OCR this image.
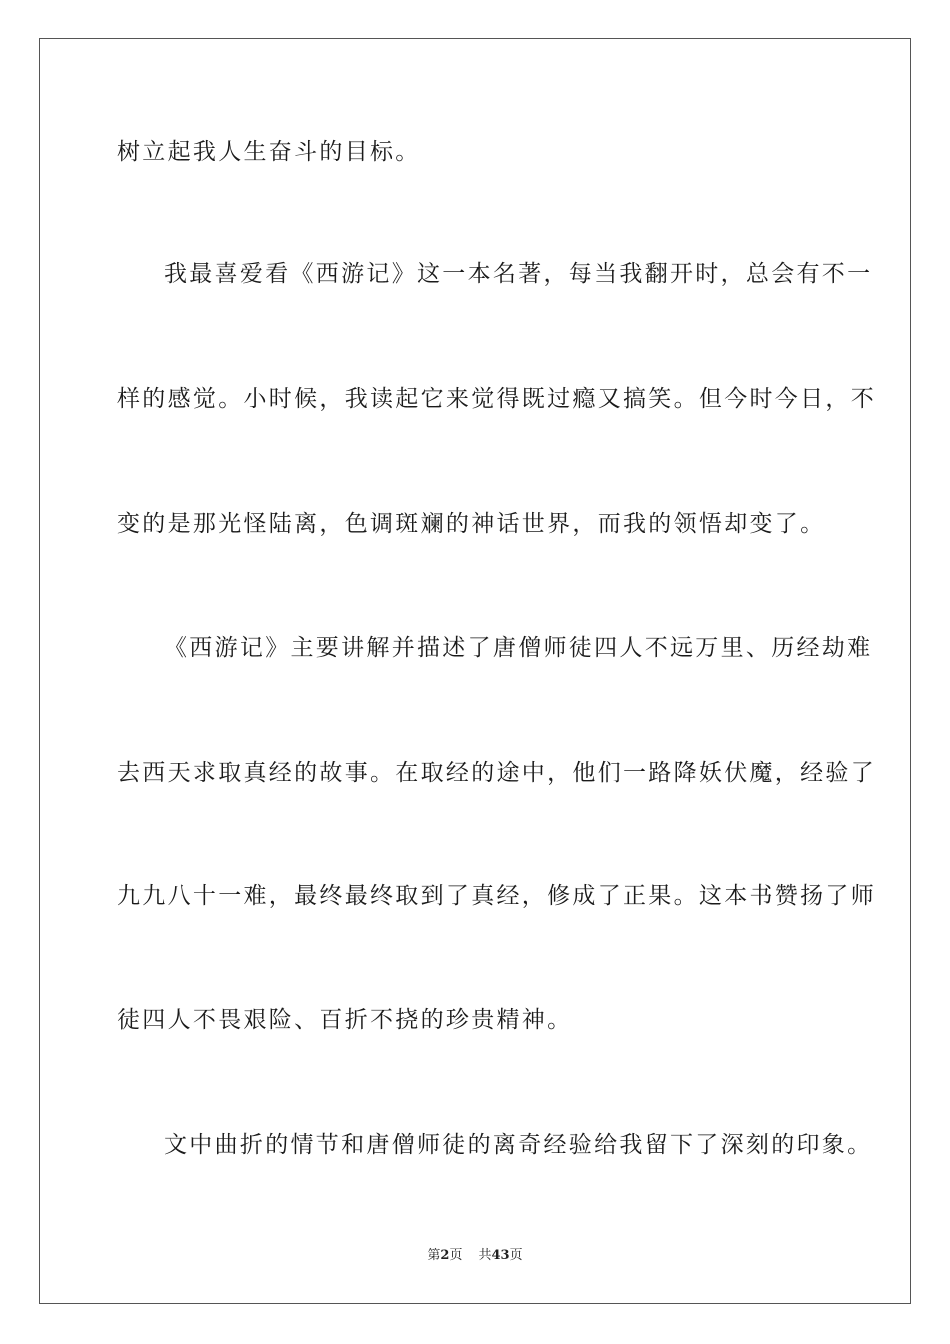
树立起我人生奋斗的目标。
我最喜爱看《西游记》这一本名著，每当我翻开时，总会有不一
样的感觉。小时候，我读起它来觉得既过瘾又搞笑。但今时今日，不
变的是那光怪陆离，色调斑斓的神话世界，而我的领悟却变了。
《西游记》主要讲解并描述了唐僧师徒四人不远万里、历经劫难
去西天求取真经的故事。在取经的途中，他们一路降妖伏魔，经验了
九九八十一难，最终最终取到了真经，修成了正果。这本书赞扬了师
徒四人不畏艰险、百折不挠的珍贵精神。
文中曲折的情节和唐僧师徒的离奇经验给我留下了深刻的印象。
第2页 共43页
